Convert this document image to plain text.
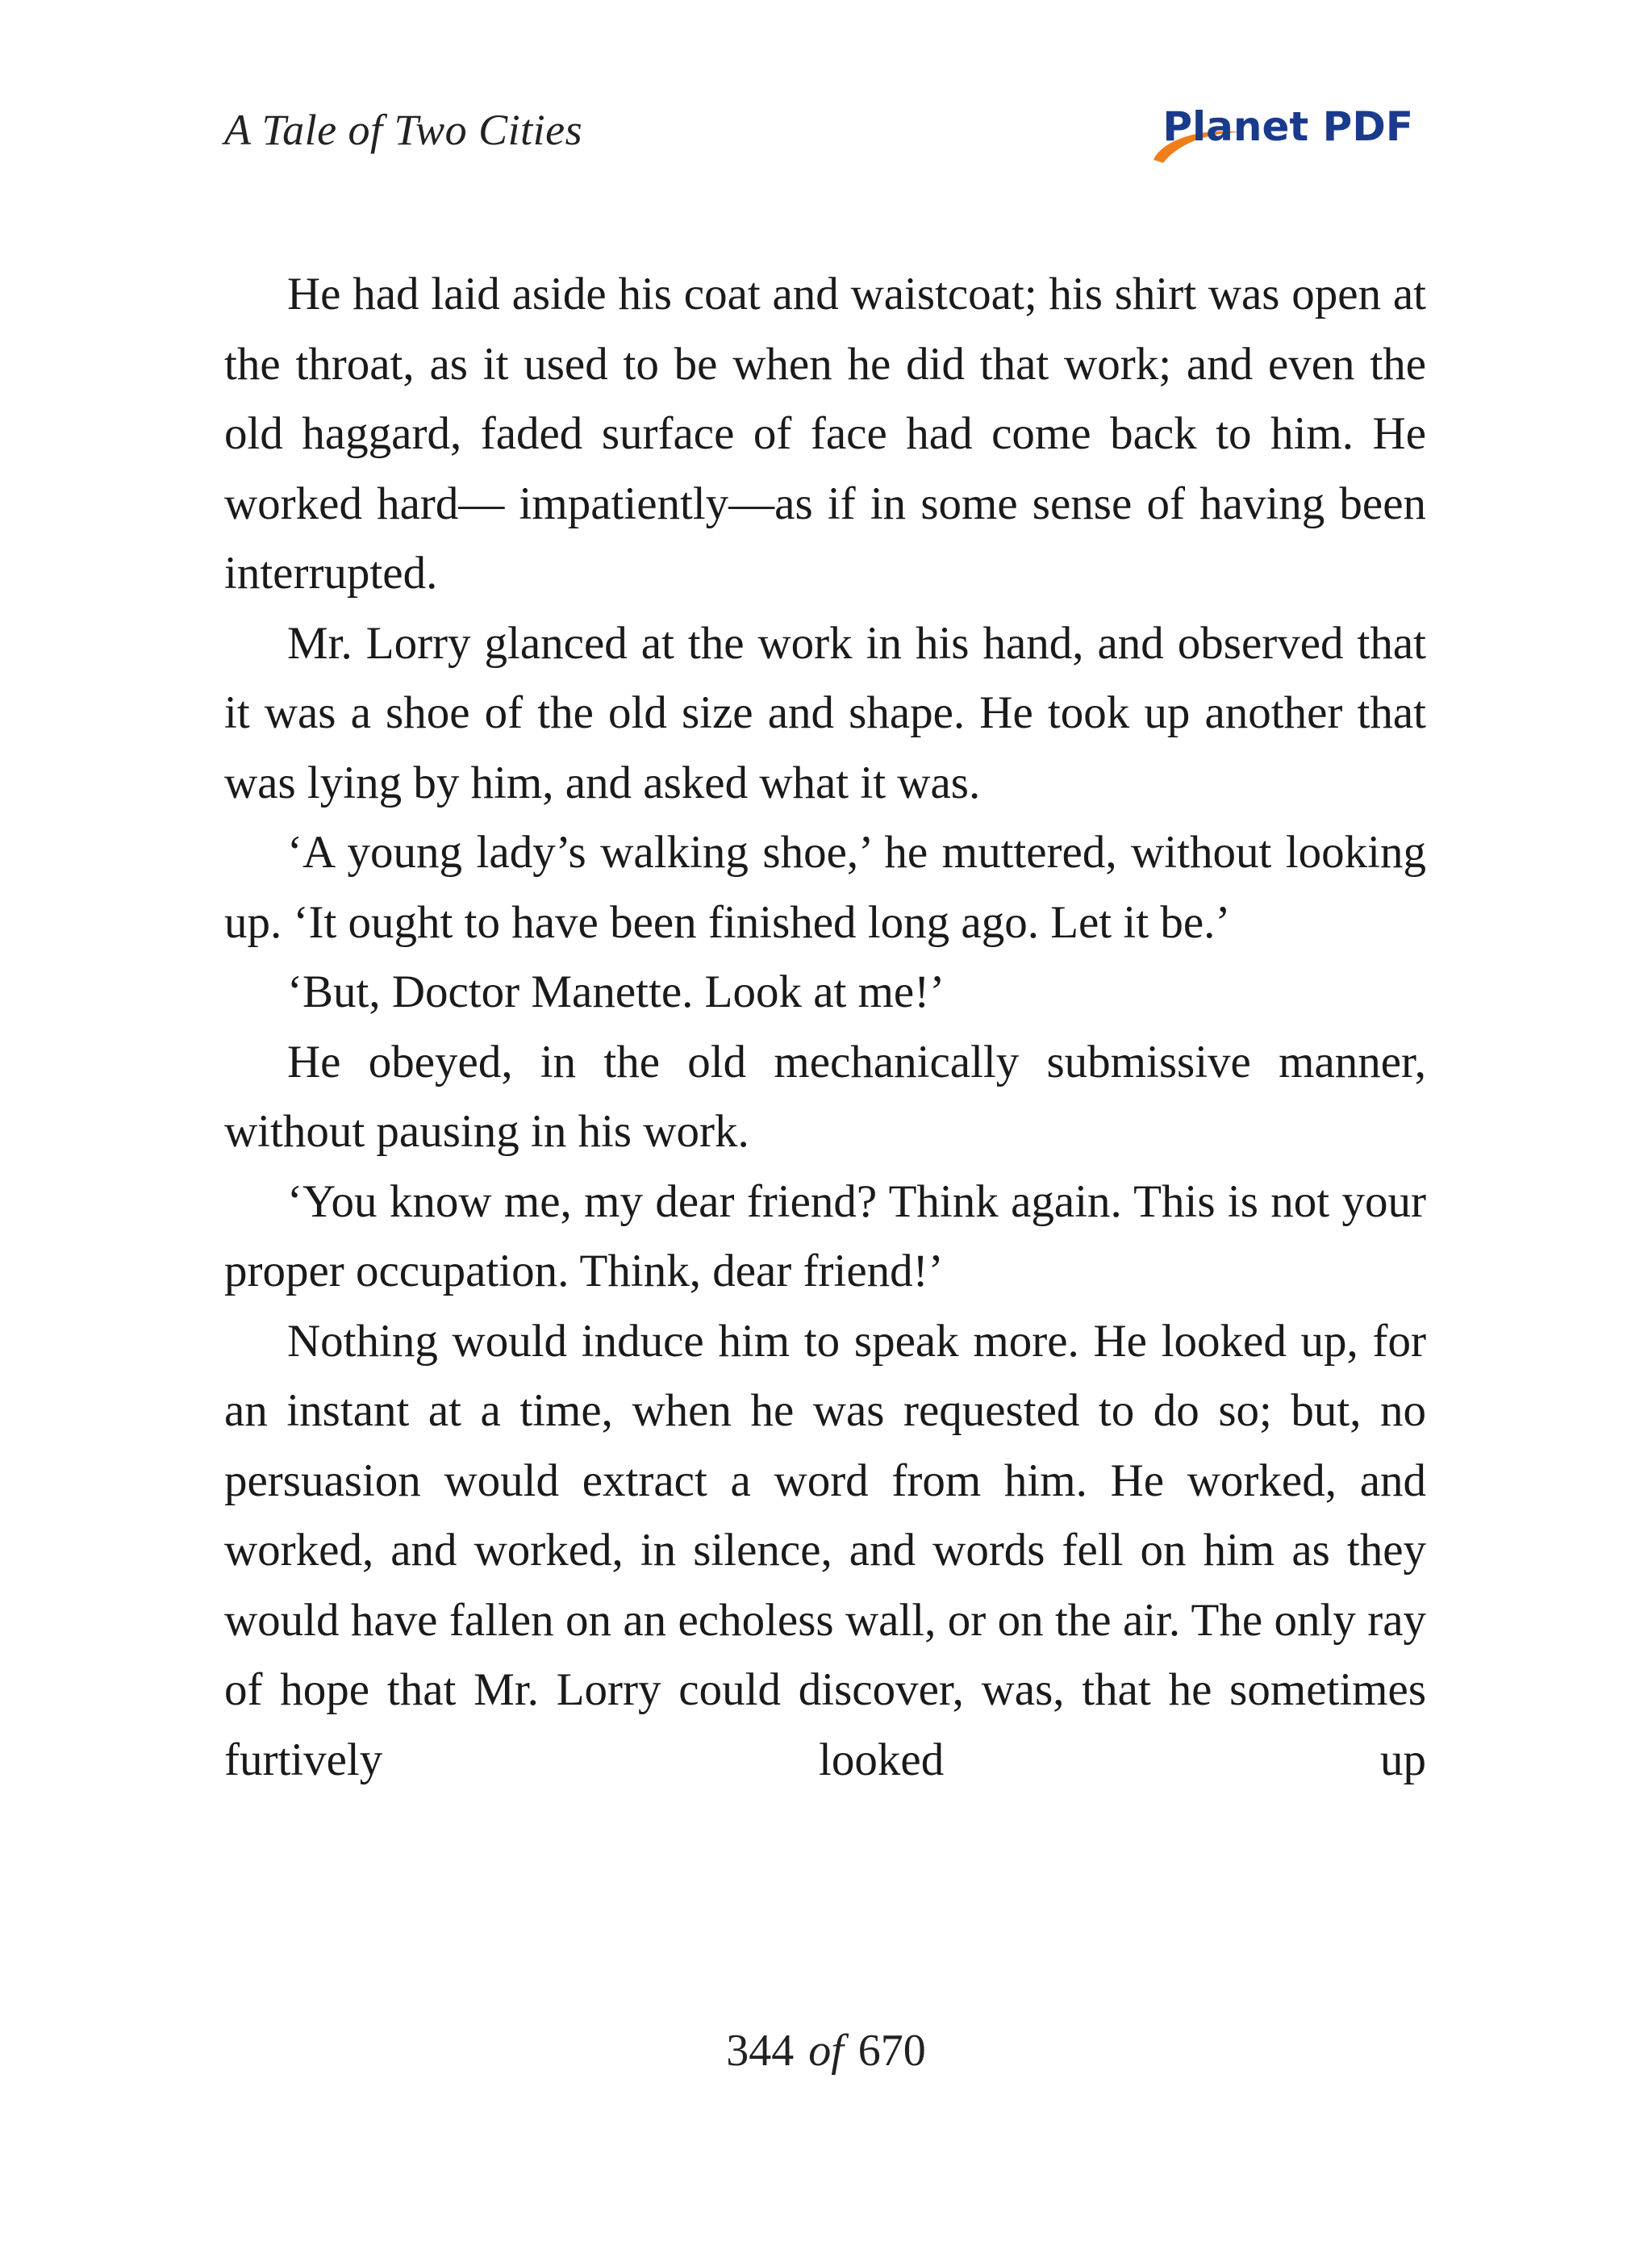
A Tale of Two Cities	Planet PDF

He had laid aside his coat and waistcoat; his shirt was open at the throat, as it used to be when he did that work; and even the old haggard, faded surface of face had come back to him. He worked hard— impatiently—as if in some sense of having been interrupted.

Mr. Lorry glanced at the work in his hand, and observed that it was a shoe of the old size and shape. He took up another that was lying by him, and asked what it was.

‘A young lady’s walking shoe,’ he muttered, without looking up. ‘It ought to have been finished long ago. Let it be.’

‘But, Doctor Manette. Look at me!’

He obeyed, in the old mechanically submissive manner, without pausing in his work.

‘You know me, my dear friend? Think again. This is not your proper occupation. Think, dear friend!’

Nothing would induce him to speak more. He looked up, for an instant at a time, when he was requested to do so; but, no persuasion would extract a word from him. He worked, and worked, and worked, in silence, and words fell on him as they would have fallen on an echoless wall, or on the air. The only ray of hope that Mr. Lorry could discover, was, that he sometimes furtively looked up

344 of 670
